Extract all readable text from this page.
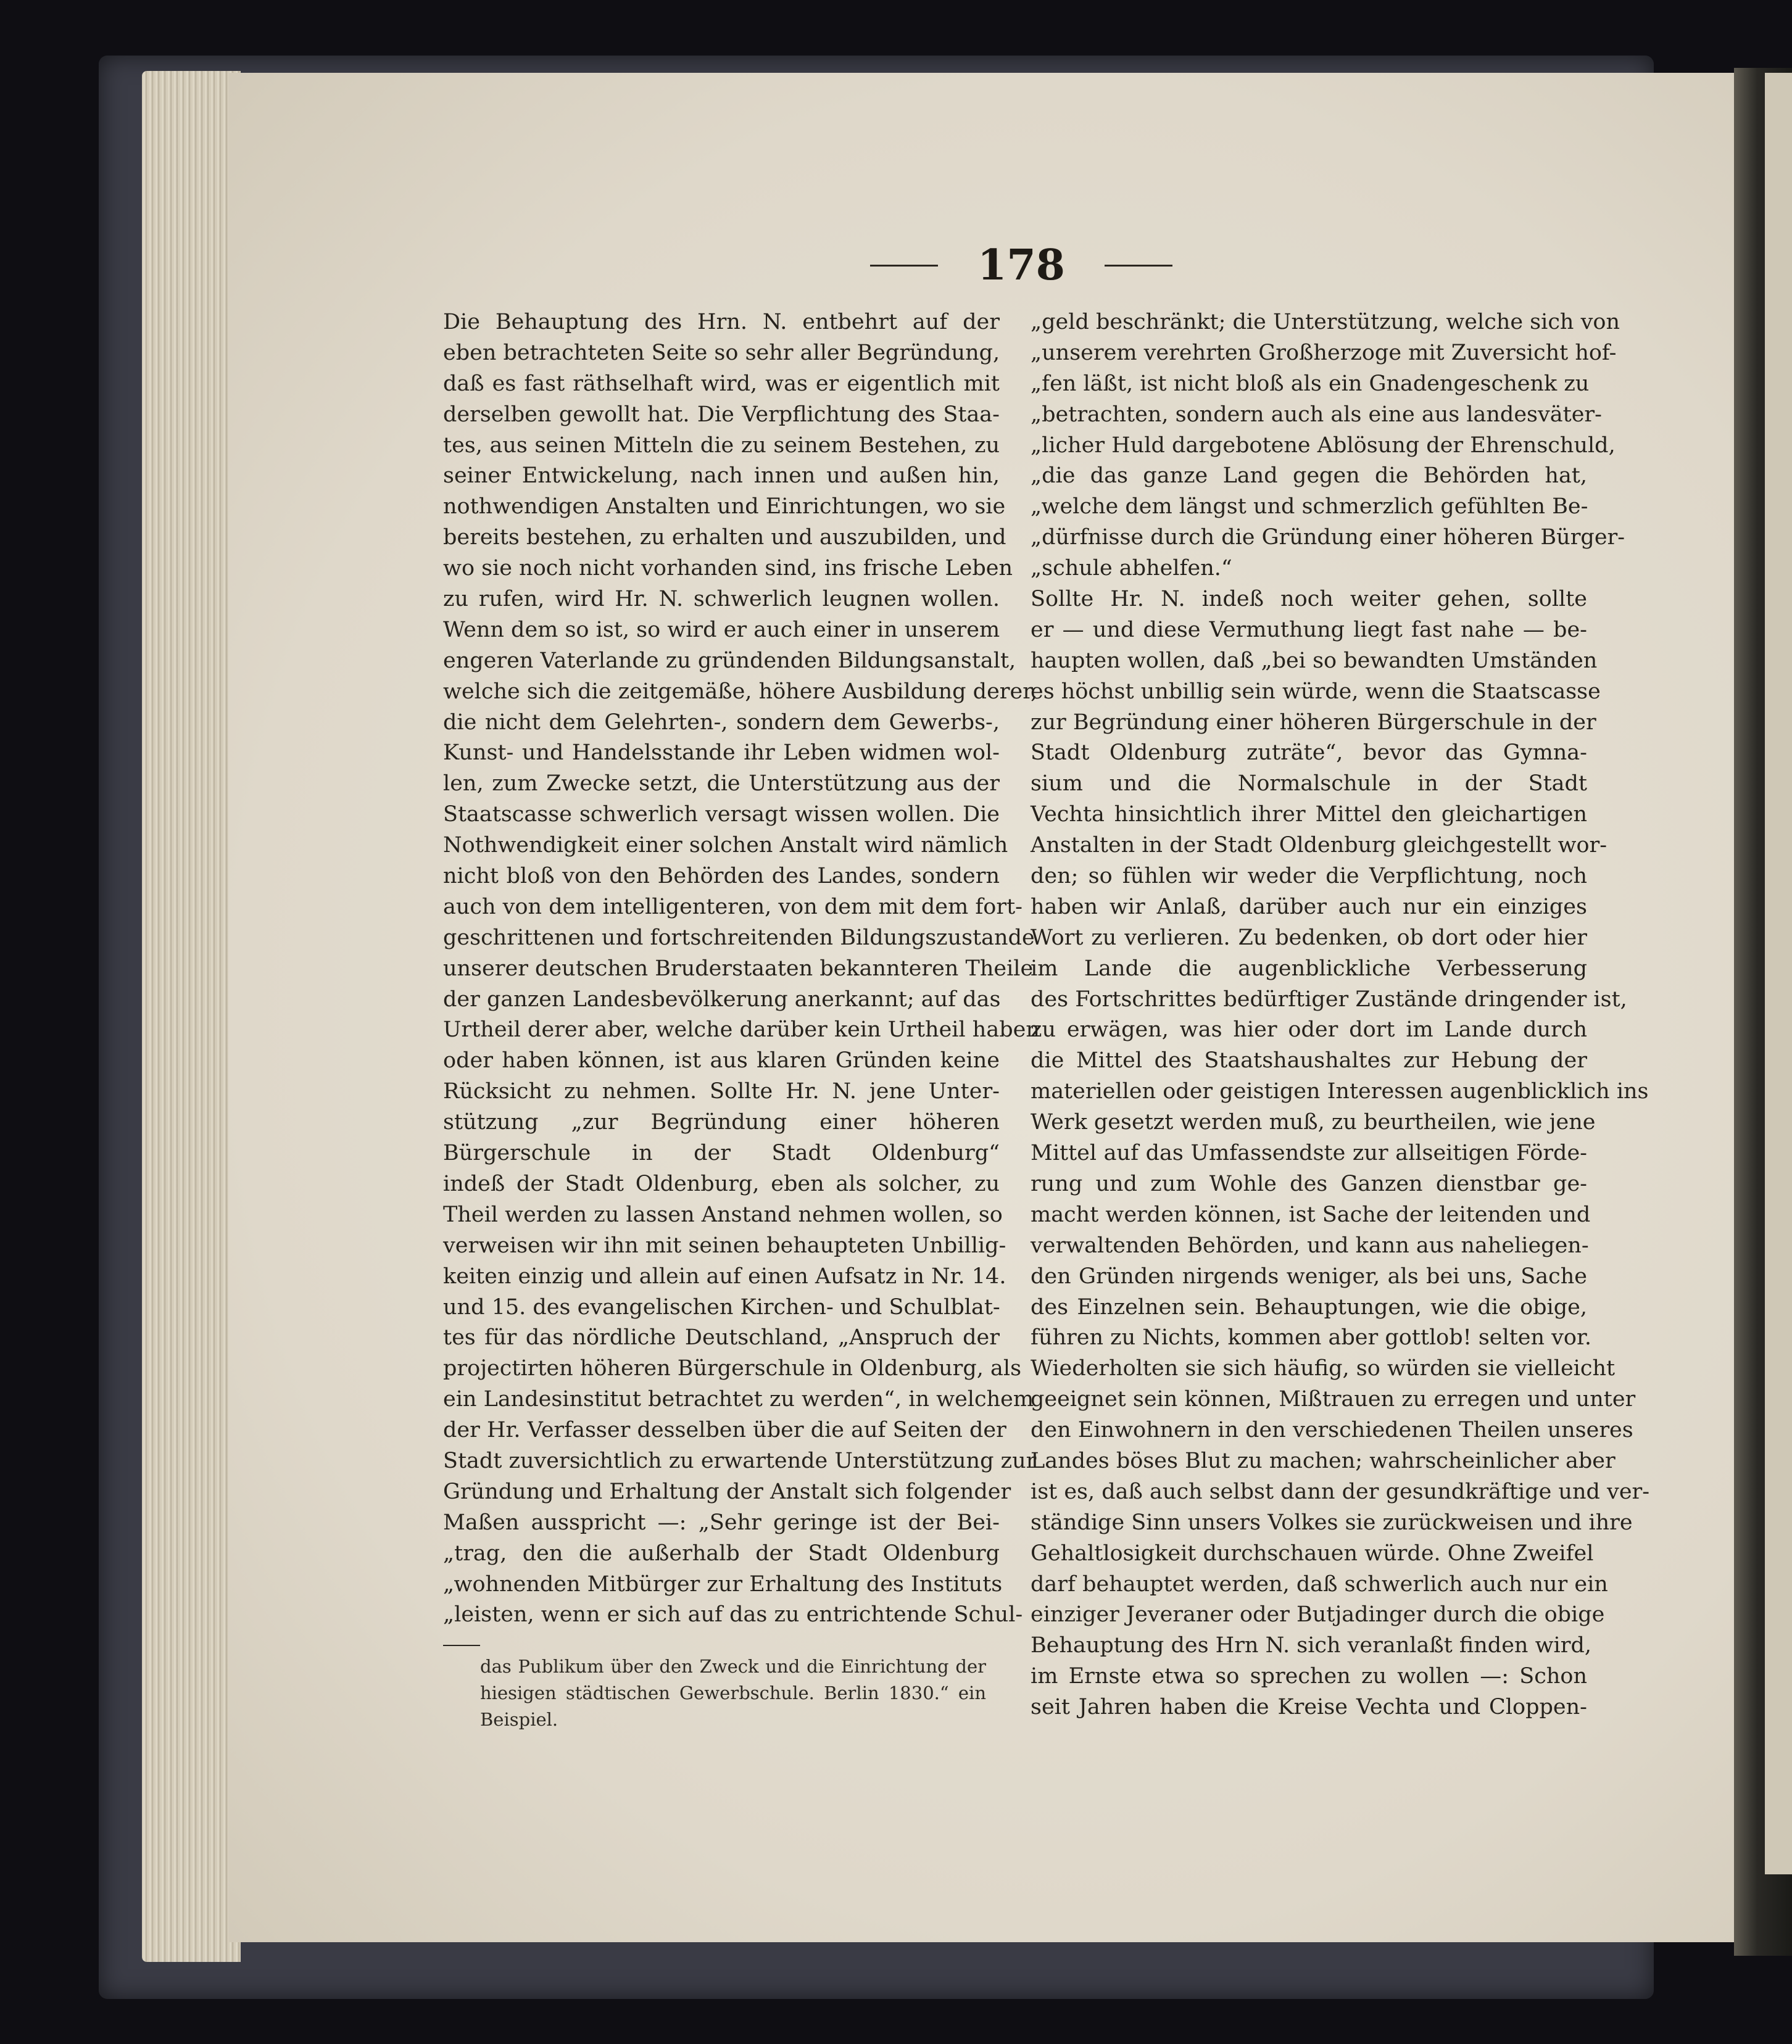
178
Die Behauptung des Hrn. N. entbehrt auf der
eben betrachteten Seite so sehr aller Begründung,
daß es fast räthselhaft wird, was er eigentlich mit
derselben gewollt hat. Die Verpflichtung des Staa-
tes, aus seinen Mitteln die zu seinem Bestehen, zu
seiner Entwickelung, nach innen und außen hin,
nothwendigen Anstalten und Einrichtungen, wo sie
bereits bestehen, zu erhalten und auszubilden, und
wo sie noch nicht vorhanden sind, ins frische Leben
zu rufen, wird Hr. N. schwerlich leugnen wollen.
Wenn dem so ist, so wird er auch einer in unserem
engeren Vaterlande zu gründenden Bildungsanstalt,
welche sich die zeitgemäße, höhere Ausbildung derer,
die nicht dem Gelehrten-, sondern dem Gewerbs-,
Kunst- und Handelsstande ihr Leben widmen wol-
len, zum Zwecke setzt, die Unterstützung aus der
Staatscasse schwerlich versagt wissen wollen. Die
Nothwendigkeit einer solchen Anstalt wird nämlich
nicht bloß von den Behörden des Landes, sondern
auch von dem intelligenteren, von dem mit dem fort-
geschrittenen und fortschreitenden Bildungszustande
unserer deutschen Bruderstaaten bekannteren Theile
der ganzen Landesbevölkerung anerkannt; auf das
Urtheil derer aber, welche darüber kein Urtheil haben
oder haben können, ist aus klaren Gründen keine
Rücksicht zu nehmen. Sollte Hr. N. jene Unter-
stützung „zur Begründung einer höheren
Bürgerschule in der Stadt Oldenburg“
indeß der Stadt Oldenburg, eben als solcher, zu
Theil werden zu lassen Anstand nehmen wollen, so
verweisen wir ihn mit seinen behaupteten Unbillig-
keiten einzig und allein auf einen Aufsatz in Nr. 14.
und 15. des evangelischen Kirchen- und Schulblat-
tes für das nördliche Deutschland, „Anspruch der
projectirten höheren Bürgerschule in Oldenburg, als
ein Landesinstitut betrachtet zu werden“, in welchem
der Hr. Verfasser desselben über die auf Seiten der
Stadt zuversichtlich zu erwartende Unterstützung zur
Gründung und Erhaltung der Anstalt sich folgender
Maßen ausspricht —: „Sehr geringe ist der Bei-
„trag, den die außerhalb der Stadt Oldenburg
„wohnenden Mitbürger zur Erhaltung des Instituts
„leisten, wenn er sich auf das zu entrichtende Schul-
„geld beschränkt; die Unterstützung, welche sich von
„unserem verehrten Großherzoge mit Zuversicht hof-
„fen läßt, ist nicht bloß als ein Gnadengeschenk zu
„betrachten, sondern auch als eine aus landesväter-
„licher Huld dargebotene Ablösung der Ehrenschuld,
„die das ganze Land gegen die Behörden hat,
„welche dem längst und schmerzlich gefühlten Be-
„dürfnisse durch die Gründung einer höheren Bürger-
„schule abhelfen.“
Sollte Hr. N. indeß noch weiter gehen, sollte
er — und diese Vermuthung liegt fast nahe — be-
haupten wollen, daß „bei so bewandten Umständen
es höchst unbillig sein würde, wenn die Staatscasse
zur Begründung einer höheren Bürgerschule in der
Stadt Oldenburg zuträte“, bevor das Gymna-
sium und die Normalschule in der Stadt
Vechta hinsichtlich ihrer Mittel den gleichartigen
Anstalten in der Stadt Oldenburg gleichgestellt wor-
den; so fühlen wir weder die Verpflichtung, noch
haben wir Anlaß, darüber auch nur ein einziges
Wort zu verlieren. Zu bedenken, ob dort oder hier
im Lande die augenblickliche Verbesserung
des Fortschrittes bedürftiger Zustände dringender ist,
zu erwägen, was hier oder dort im Lande durch
die Mittel des Staatshaushaltes zur Hebung der
materiellen oder geistigen Interessen augenblicklich ins
Werk gesetzt werden muß, zu beurtheilen, wie jene
Mittel auf das Umfassendste zur allseitigen Förde-
rung und zum Wohle des Ganzen dienstbar ge-
macht werden können, ist Sache der leitenden und
verwaltenden Behörden, und kann aus naheliegen-
den Gründen nirgends weniger, als bei uns, Sache
des Einzelnen sein. Behauptungen, wie die obige,
führen zu Nichts, kommen aber gottlob! selten vor.
Wiederholten sie sich häufig, so würden sie vielleicht
geeignet sein können, Mißtrauen zu erregen und unter
den Einwohnern in den verschiedenen Theilen unseres
Landes böses Blut zu machen; wahrscheinlicher aber
ist es, daß auch selbst dann der gesundkräftige und ver-
ständige Sinn unsers Volkes sie zurückweisen und ihre
Gehaltlosigkeit durchschauen würde. Ohne Zweifel
darf behauptet werden, daß schwerlich auch nur ein
einziger Jeveraner oder Butjadinger durch die obige
Behauptung des Hrn N. sich veranlaßt finden wird,
im Ernste etwa so sprechen zu wollen —: Schon
seit Jahren haben die Kreise Vechta und Cloppen-
das Publikum über den Zweck und die Einrichtung der
hiesigen städtischen Gewerbschule. Berlin 1830.“ ein
Beispiel.
